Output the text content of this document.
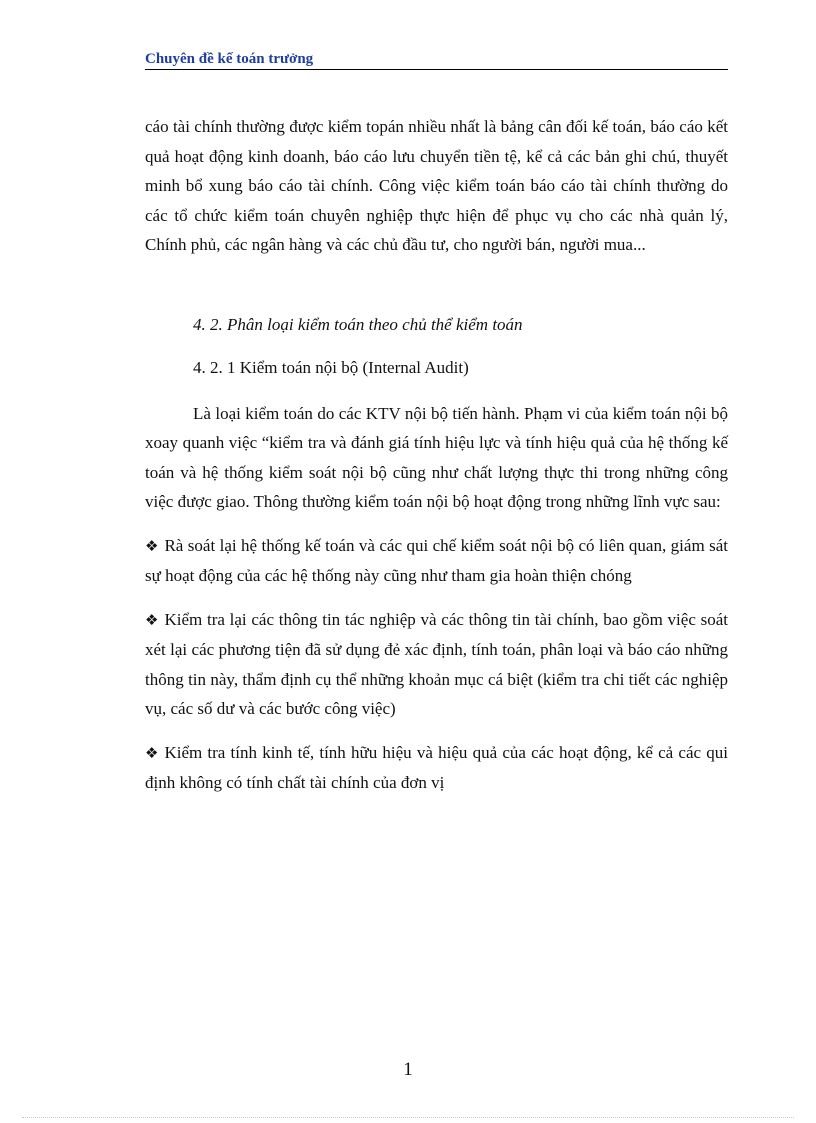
Chuyên đề kế toán trưởng

cáo tài chính thường được kiểm topán nhiều nhất là bảng cân đối kế toán, báo cáo kết quả hoạt động kinh doanh, báo cáo lưu chuyển tiền tệ, kể cả các bản ghi chú, thuyết minh bổ xung báo cáo tài chính. Công việc kiểm toán báo cáo tài chính thường do các tổ chức kiểm toán chuyên nghiệp thực hiện để phục vụ cho các nhà quản lý, Chính phủ, các ngân hàng và các chủ đầu tư, cho người bán, người mua...

4. 2. Phân loại kiểm toán theo chủ thể kiểm toán

4. 2. 1 Kiểm toán nội bộ (Internal Audit)

Là loại kiểm toán do các KTV nội bộ tiến hành. Phạm vi của kiểm toán nội bộ xoay quanh việc “kiểm tra và đánh giá tính hiệu lực và tính hiệu quả của hệ thống kế toán và hệ thống kiểm soát nội bộ cũng như chất lượng thực thi trong những công việc được giao. Thông thường kiểm toán nội bộ hoạt động trong những lĩnh vực sau:

❖ Rà soát lại hệ thống kế toán và các qui chế kiểm soát nội bộ có liên quan, giám sát sự hoạt động của các hệ thống này cũng như tham gia hoàn thiện chóng

❖ Kiểm tra lại các thông tin tác nghiệp và các thông tin tài chính, bao gồm việc soát xét lại các phương tiện đã sử dụng đẻ xác định, tính toán, phân loại và báo cáo những thông tin này, thẩm định cụ thể những khoản mục cá biệt (kiểm tra chi tiết các nghiệp vụ, các số dư và các bước công việc)

❖ Kiểm tra tính kinh tế, tính hữu hiệu và hiệu quả của các hoạt động, kể cả các qui định không có tính chất tài chính của đơn vị

1
